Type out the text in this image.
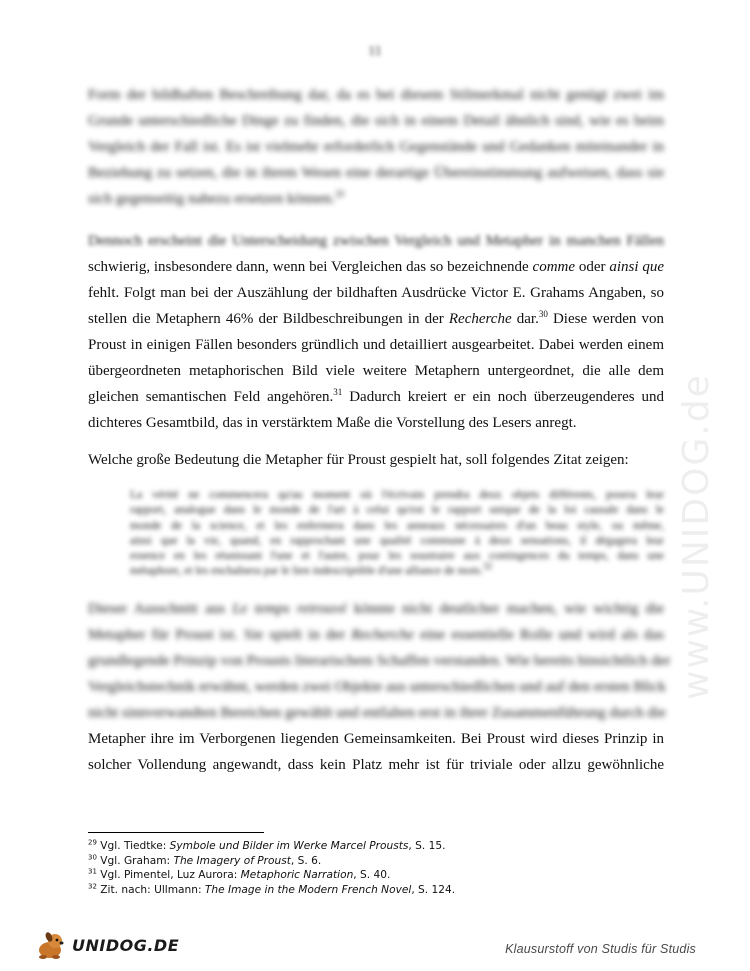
www.UNIDOG.de
11
Form der bildhaften Beschreibung dar, da es bei diesem Stilmerkmal nicht genügt zwei im
Grunde unterschiedliche Dinge zu finden, die sich in einem Detail ähnlich sind, wie es beim
Vergleich der Fall ist. Es ist vielmehr erforderlich Gegenstände und Gedanken miteinander in
Beziehung zu setzen, die in ihrem Wesen eine derartige Übereinstimmung aufweisen, dass sie
sich gegenseitig nahezu ersetzen können.$^{29}$
Dennoch erscheint die Unterscheidung zwischen Vergleich und Metapher in manchen Fällen
schwierig, insbesondere dann, wenn bei Vergleichen das so bezeichnende comme oder ainsi que
fehlt. Folgt man bei der Auszählung der bildhaften Ausdrücke Victor E. Grahams Angaben, so
stellen die Metaphern 46% der Bildbeschreibungen in der Recherche dar.$^{30}$ Diese werden von
Proust in einigen Fällen besonders gründlich und detailliert ausgearbeitet. Dabei werden einem
übergeordneten metaphorischen Bild viele weitere Metaphern untergeordnet, die alle dem
gleichen semantischen Feld angehören.$^{31}$ Dadurch kreiert er ein noch überzeugenderes und
dichteres Gesamtbild, das in verstärktem Maße die Vorstellung des Lesers anregt.
Welche große Bedeutung die Metapher für Proust gespielt hat, soll folgendes Zitat zeigen:
La vérité ne commencera qu'au moment où l'écrivain prendra deux objets différents, posera leur
rapport, analogue dans le monde de l'art à celui qu'est le rapport unique de la loi causale dans le
monde de la science, et les enfermera dans les anneaux nécessaires d'un beau style, ou même,
ainsi que la vie, quand, en rapprochant une qualité commune à deux sensations, il dégagera leur
essence en les réunissant l'une et l'autre, pour les soustraire aux contingences du temps, dans une
métaphore, et les enchaînera par le lien indescriptible d'une alliance de mots.$^{32}$
Dieser Ausschnitt aus Le temps retrouvé könnte nicht deutlicher machen, wie wichtig die
Metapher für Proust ist. Sie spielt in der Recherche eine essentielle Rolle und wird als das
grundlegende Prinzip von Prousts literarischem Schaffen verstanden. Wie bereits hinsichtlich der
Vergleichstechnik erwähnt, werden zwei Objekte aus unterschiedlichen und auf den ersten Blick
nicht sinnverwandten Bereichen gewählt und entfalten erst in ihrer Zusammenführung durch die
Metapher ihre im Verborgenen liegenden Gemeinsamkeiten. Bei Proust wird dieses Prinzip in
solcher Vollendung angewandt, dass kein Platz mehr ist für triviale oder allzu gewöhnliche
$^{29}$ Vgl. Tiedtke: Symbole und Bilder im Werke Marcel Prousts, S. 15.
$^{30}$ Vgl. Graham: The Imagery of Proust, S. 6.
$^{31}$ Vgl. Pimentel, Luz Aurora: Metaphoric Narration, S. 40.
$^{32}$ Zit. nach: Ullmann: The Image in the Modern French Novel, S. 124.
UNIDOG.DE	Klausurstoff von Studis für Studis
